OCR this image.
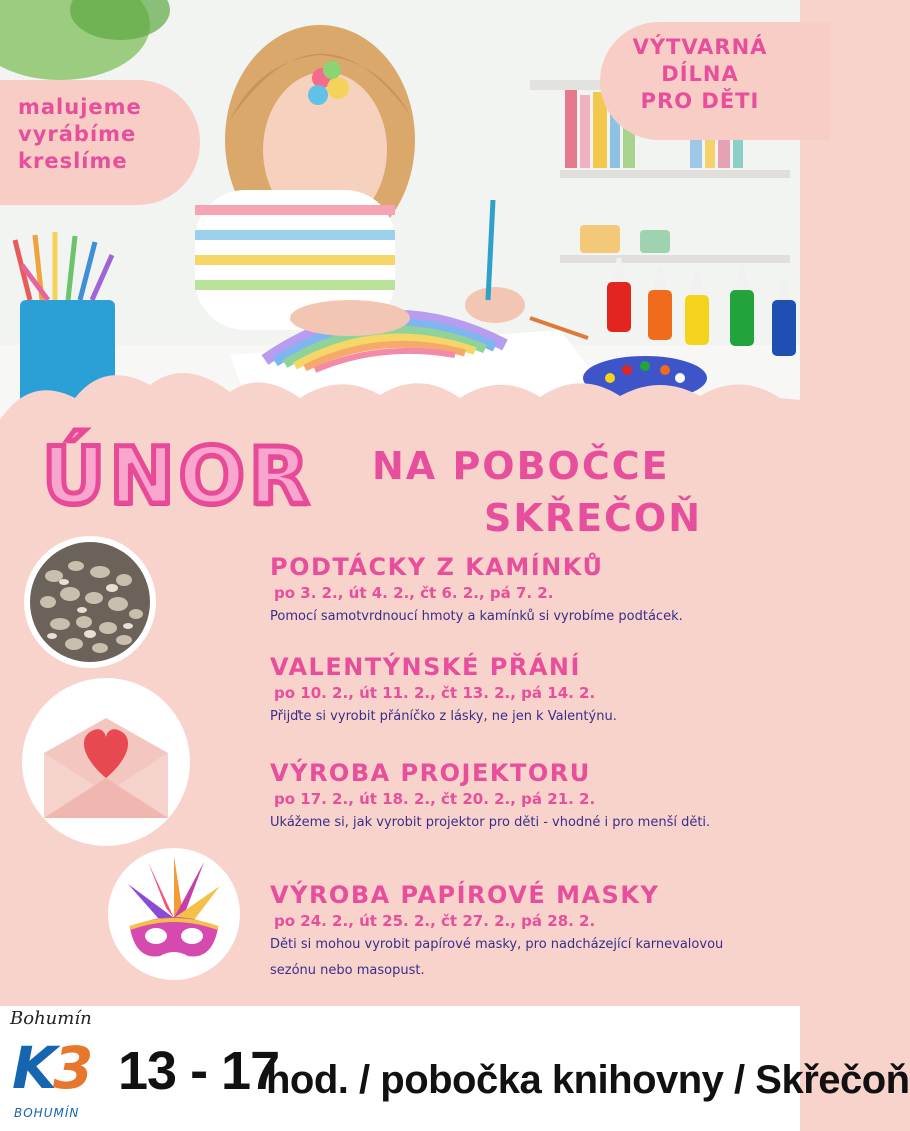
malujeme
vyrábíme
kreslíme
VÝTVARNÁ
DÍLNA
PRO DĚTI
ÚNOR NA POBOČCE
SKŘEČOŇ
PODTÁCKY Z KAMÍNKŮ
po 3. 2., út 4. 2., čt 6. 2., pá 7. 2.
Pomocí samotvrdnoucí hmoty a kamínků si vyrobíme podtácek.
VALENTÝNSKÉ PŘÁNÍ
po 10. 2., út 11. 2., čt 13. 2., pá 14. 2.
Přijďte si vyrobit přáníčko z lásky, ne jen k Valentýnu.
VÝROBA PROJEKTORU
po 17. 2., út 18. 2., čt 20. 2., pá 21. 2.
Ukážeme si, jak vyrobit projektor pro děti - vhodné i pro menší děti.
VÝROBA PAPÍROVÉ MASKY
po 24. 2., út 25. 2., čt 27. 2., pá 28. 2.
Děti si mohou vyrobit papírové masky, pro nadcházející karnevalovou sezónu nebo masopust.
Bohumín
K3
BOHUMÍN
13 - 17
hod. / pobočka knihovny / Skřečoň
